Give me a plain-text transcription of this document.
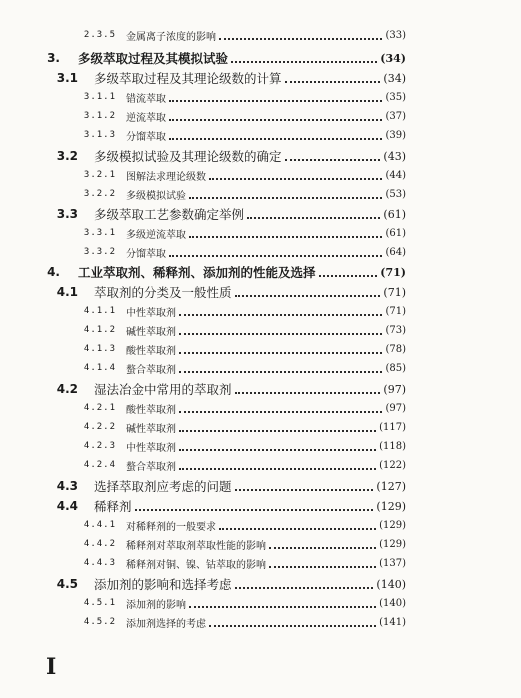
2.3.5 金属离子浓度的影响	(33)
3. 多级萃取过程及其模拟试验	(34)
3.1 多级萃取过程及其理论级数的计算	(34)
3.1.1 错流萃取	(35)
3.1.2 逆流萃取	(37)
3.1.3 分馏萃取	(39)
3.2 多级模拟试验及其理论级数的确定	(43)
3.2.1 图解法求理论级数	(44)
3.2.2 多级模拟试验	(53)
3.3 多级萃取工艺参数确定举例	(61)
3.3.1 多级逆流萃取	(61)
3.3.2 分馏萃取	(64)
4. 工业萃取剂、稀释剂、添加剂的性能及选择	(71)
4.1 萃取剂的分类及一般性质	(71)
4.1.1 中性萃取剂	(71)
4.1.2 碱性萃取剂	(73)
4.1.3 酸性萃取剂	(78)
4.1.4 螯合萃取剂	(85)
4.2 湿法冶金中常用的萃取剂	(97)
4.2.1 酸性萃取剂	(97)
4.2.2 碱性萃取剂	(117)
4.2.3 中性萃取剂	(118)
4.2.4 螯合萃取剂	(122)
4.3 选择萃取剂应考虑的问题	(127)
4.4 稀释剂	(129)
4.4.1 对稀释剂的一般要求	(129)
4.4.2 稀释剂对萃取剂萃取性能的影响	(129)
4.4.3 稀释剂对铜、镍、钴萃取的影响	(137)
4.5 添加剂的影响和选择考虑	(140)
4.5.1 添加剂的影响	(140)
4.5.2 添加剂选择的考虑	(141)
I
